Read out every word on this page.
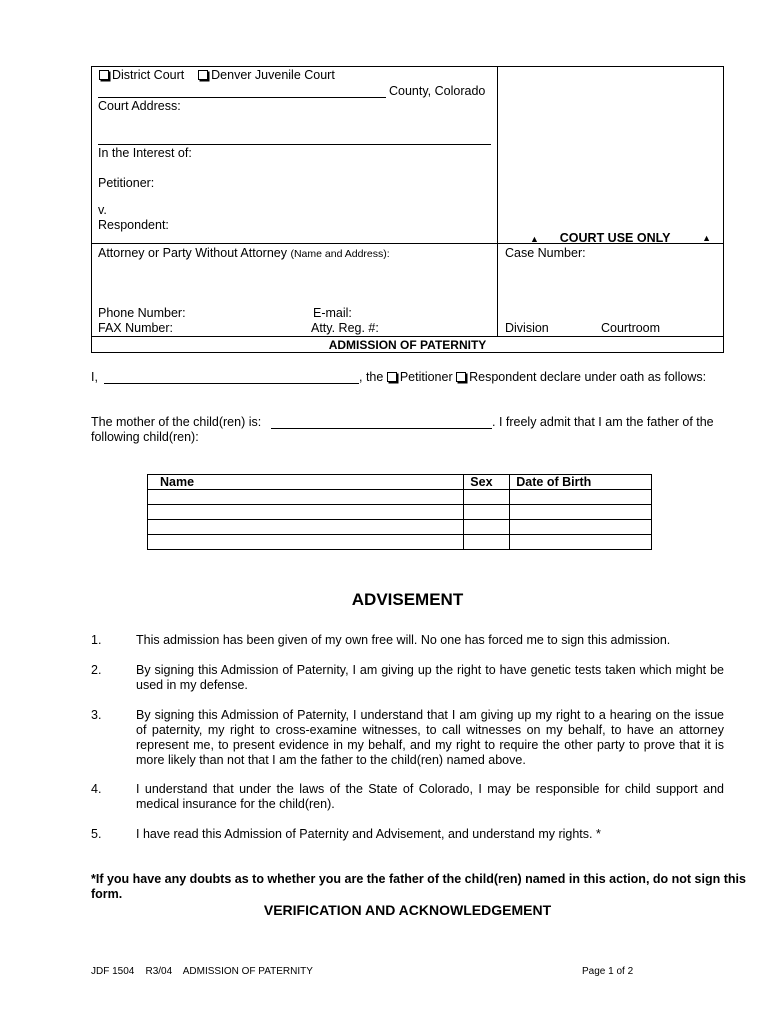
District Court Denver Juvenile Court
County, Colorado
Court Address:
In the Interest of:
Petitioner:
v.
Respondent:
▲ COURT USE ONLY	▲
Attorney or Party Without Attorney (Name and Address):	Case Number:
Phone Number:	E-mail:
FAX Number:	Atty. Reg. #:	Division	Courtroom
ADMISSION OF PATERNITY
I,	, the Petitioner Respondent declare under oath as follows:
The mother of the child(ren) is:	. I freely admit that I am the father of the
following child(ren):
Name	Sex	Date of Birth

ADVISEMENT
1.	This admission has been given of my own free will. No one has forced me to sign this admission.
2.	By signing this Admission of Paternity, I am giving up the right to have genetic tests taken which might be used in my defense.
3.	By signing this Admission of Paternity, I understand that I am giving up my right to a hearing on the issue of paternity, my right to cross-examine witnesses, to call witnesses on my behalf, to have an attorney represent me, to present evidence in my behalf, and my right to require the other party to prove that it is more likely than not that I am the father to the child(ren) named above.
4.	I understand that under the laws of the State of Colorado, I may be responsible for child support and medical insurance for the child(ren).
5.	I have read this Admission of Paternity and Advisement, and understand my rights. *
*If you have any doubts as to whether you are the father of the child(ren) named in this action, do not sign this form.
VERIFICATION AND ACKNOWLEDGEMENT
JDF 1504 R3/04 ADMISSION OF PATERNITY	Page 1 of 2
